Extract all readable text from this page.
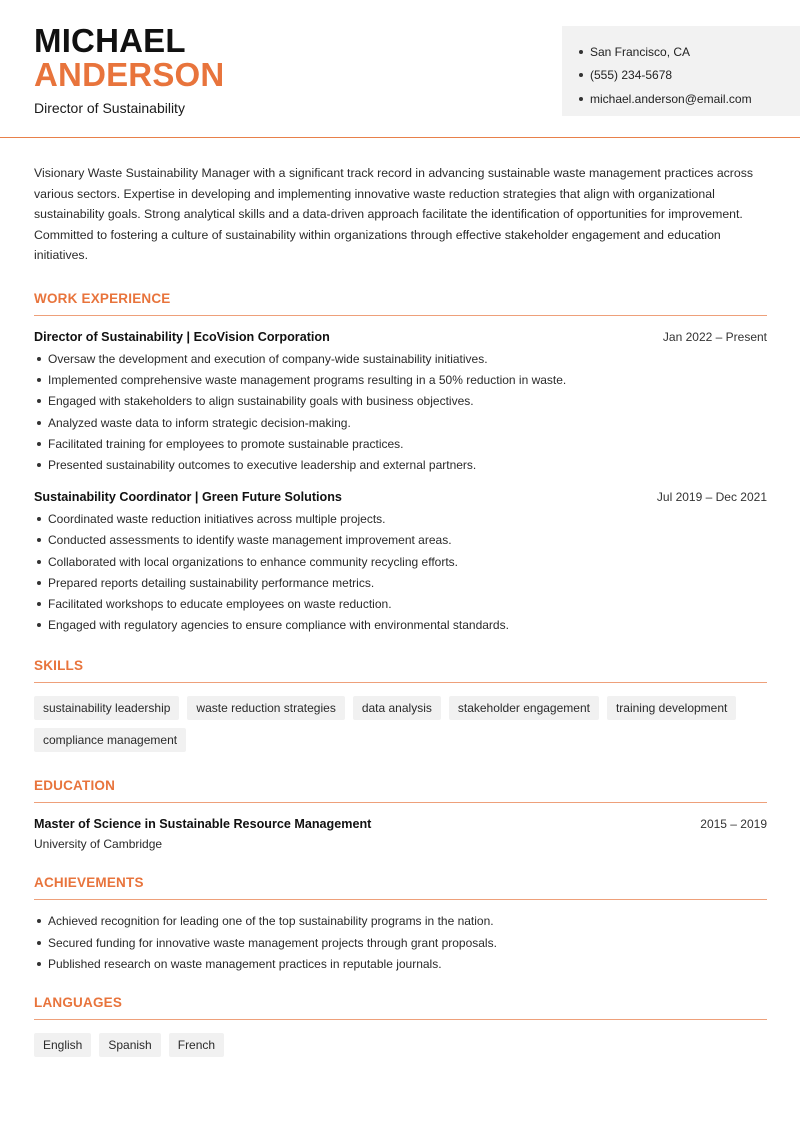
MICHAEL
ANDERSON
Director of Sustainability
San Francisco, CA
(555) 234-5678
michael.anderson@email.com

Visionary Waste Sustainability Manager with a significant track record in advancing sustainable waste management practices across various sectors. Expertise in developing and implementing innovative waste reduction strategies that align with organizational sustainability goals. Strong analytical skills and a data-driven approach facilitate the identification of opportunities for improvement. Committed to fostering a culture of sustainability within organizations through effective stakeholder engagement and education initiatives.

WORK EXPERIENCE
Director of Sustainability | EcoVision Corporation	Jan 2022 – Present
Oversaw the development and execution of company-wide sustainability initiatives.
Implemented comprehensive waste management programs resulting in a 50% reduction in waste.
Engaged with stakeholders to align sustainability goals with business objectives.
Analyzed waste data to inform strategic decision-making.
Facilitated training for employees to promote sustainable practices.
Presented sustainability outcomes to executive leadership and external partners.
Sustainability Coordinator | Green Future Solutions	Jul 2019 – Dec 2021
Coordinated waste reduction initiatives across multiple projects.
Conducted assessments to identify waste management improvement areas.
Collaborated with local organizations to enhance community recycling efforts.
Prepared reports detailing sustainability performance metrics.
Facilitated workshops to educate employees on waste reduction.
Engaged with regulatory agencies to ensure compliance with environmental standards.
SKILLS
sustainability leadership	waste reduction strategies	data analysis	stakeholder engagement	training development
compliance management
EDUCATION
Master of Science in Sustainable Resource Management	2015 – 2019
University of Cambridge
ACHIEVEMENTS
Achieved recognition for leading one of the top sustainability programs in the nation.
Secured funding for innovative waste management projects through grant proposals.
Published research on waste management practices in reputable journals.
LANGUAGES
English	Spanish	French
